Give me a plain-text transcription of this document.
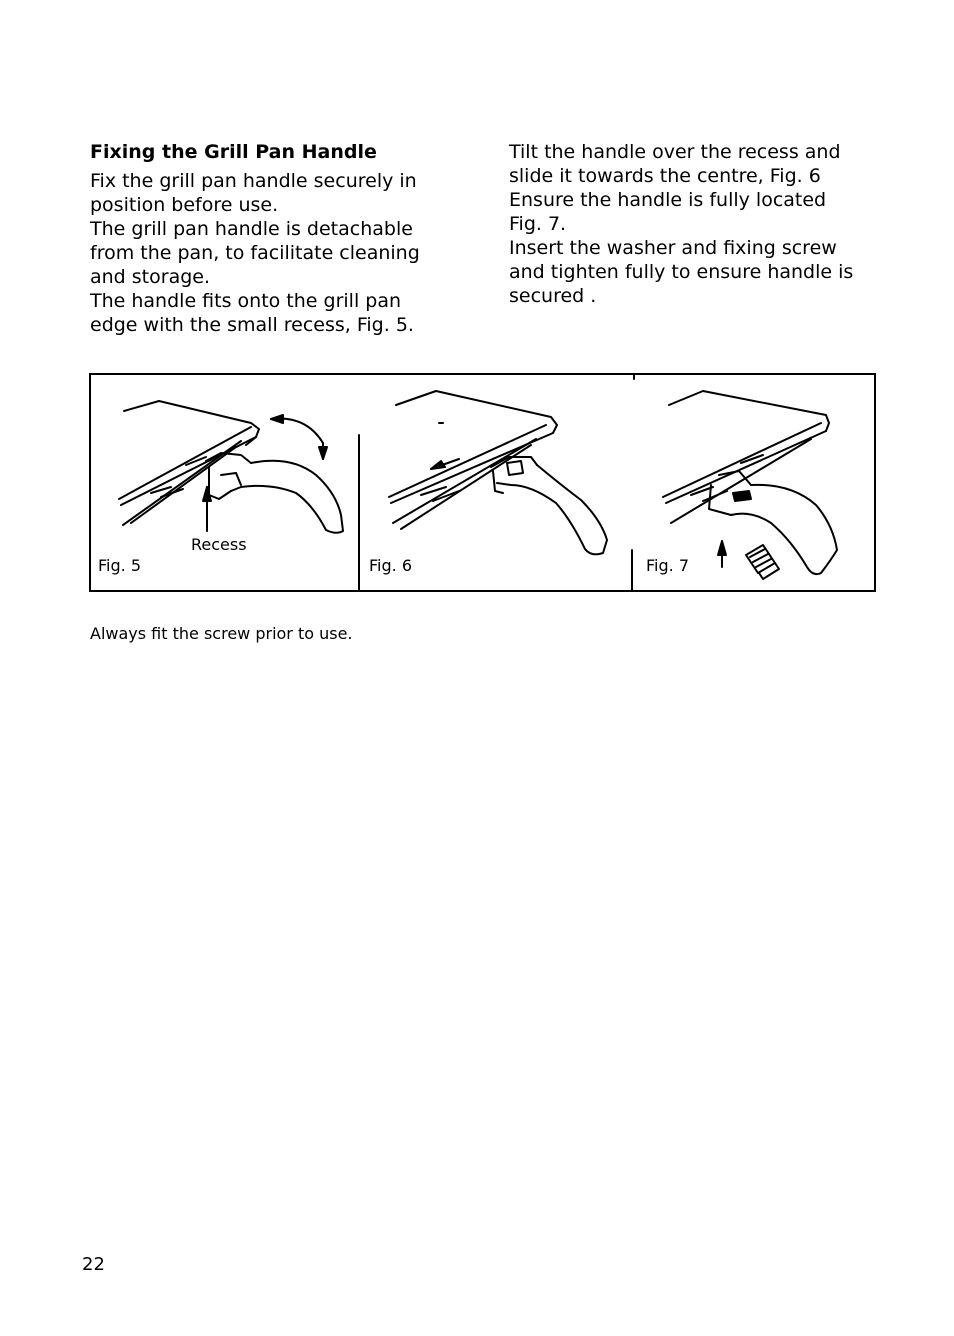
Fixing the Grill Pan Handle

Fix the grill pan handle securely in position before use.

The grill pan handle is detachable from the pan, to facilitate cleaning and storage.

The handle fits onto the grill pan edge with the small recess, Fig. 5.

Tilt the handle over the recess and slide it towards the centre, Fig. 6

Ensure the handle is fully located Fig. 7.

Insert the washer and fixing screw and tighten fully to ensure handle is secured .

Recess
Fig. 5	Fig. 6	Fig. 7

Always fit the screw prior to use.

22
